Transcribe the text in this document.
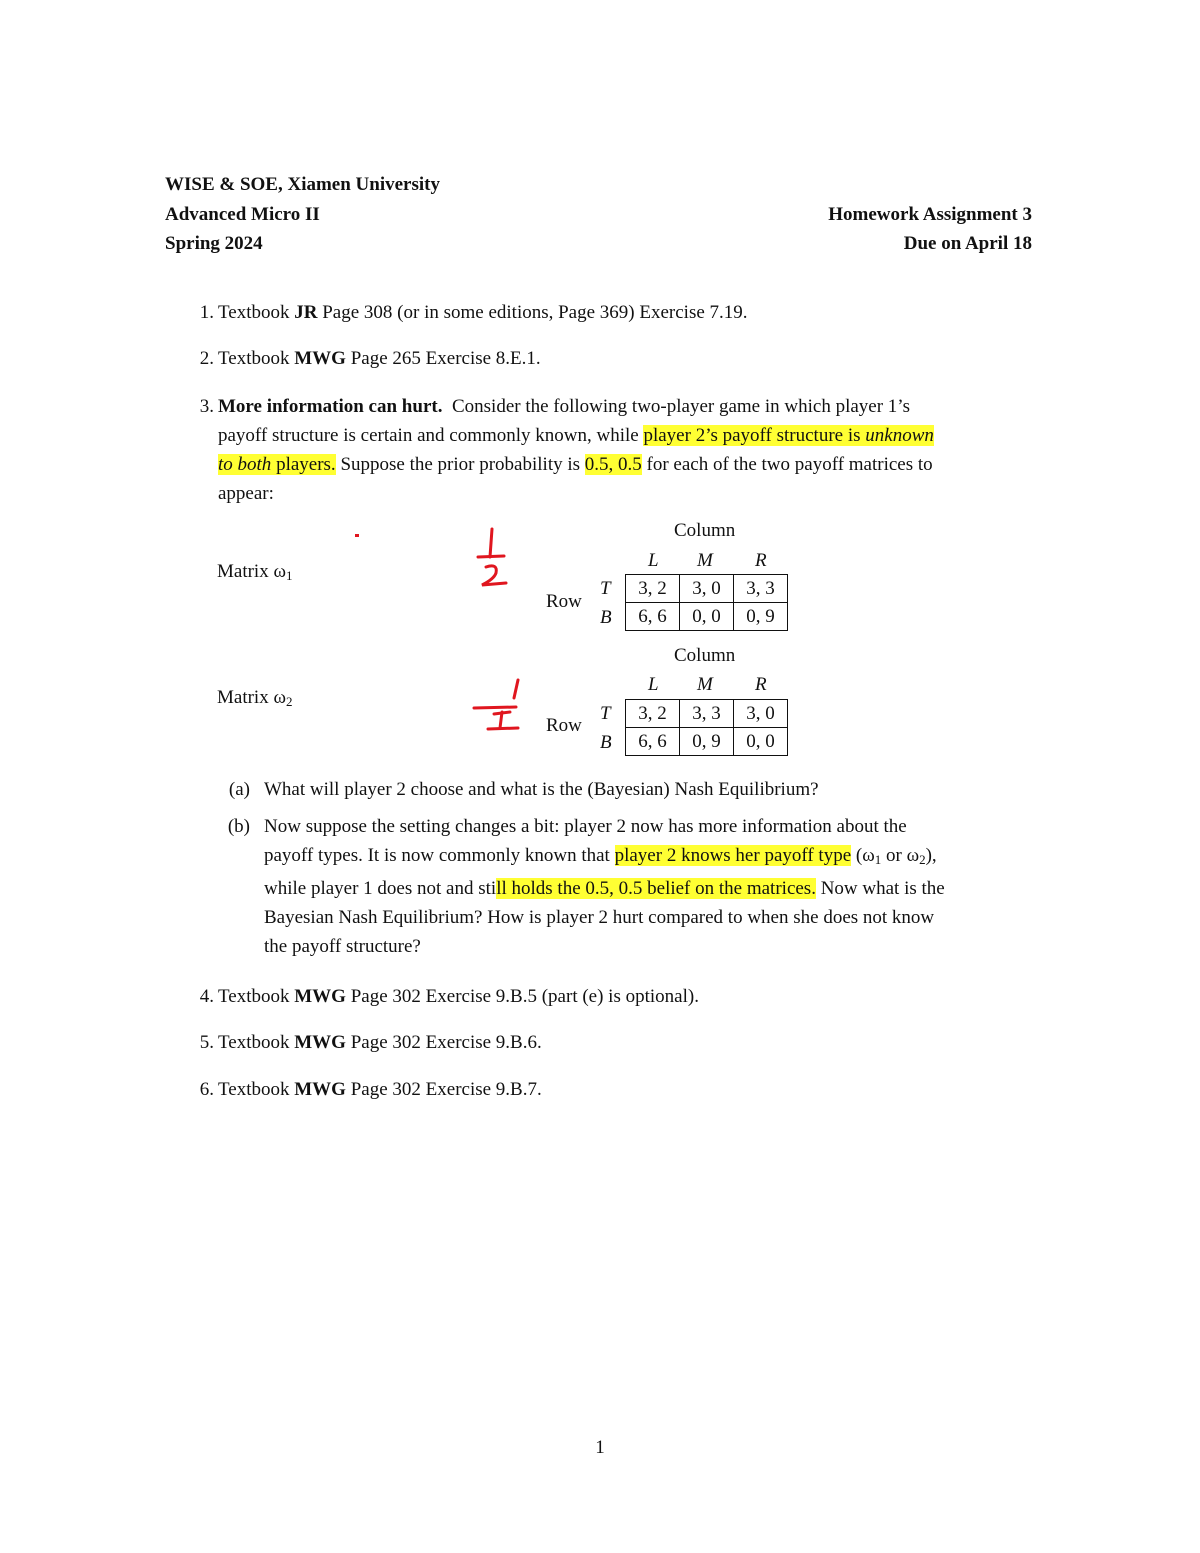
WISE & SOE, Xiamen University
Advanced Micro II
Spring 2024
Homework Assignment 3
Due on April 18
1. Textbook JR Page 308 (or in some editions, Page 369) Exercise 7.19.
2. Textbook MWG Page 265 Exercise 8.E.1.
3. More information can hurt. Consider the following two-player game in which player 1’s
payoff structure is certain and commonly known, while player 2’s payoff structure is unknown
to both players. Suppose the prior probability is 0.5, 0.5 for each of the two payoff matrices to
appear:
Matrix $\omega_1$
Column
L M R
Row
T
B
3, 2	3, 0	3, 3
6, 6	0, 0	0, 9
Matrix $\omega_2$
Column
L M R
Row
T
B
3, 2	3, 3	3, 0
6, 6	0, 9	0, 0
(a) What will player 2 choose and what is the (Bayesian) Nash Equilibrium?
(b) Now suppose the setting changes a bit: player 2 now has more information about the
payoff types. It is now commonly known that player 2 knows her payoff type ($\omega_1$ or $\omega_2$),
while player 1 does not and still holds the 0.5, 0.5 belief on the matrices. Now what is the
Bayesian Nash Equilibrium? How is player 2 hurt compared to when she does not know
the payoff structure?
4. Textbook MWG Page 302 Exercise 9.B.5 (part (e) is optional).
5. Textbook MWG Page 302 Exercise 9.B.6.
6. Textbook MWG Page 302 Exercise 9.B.7.
1
